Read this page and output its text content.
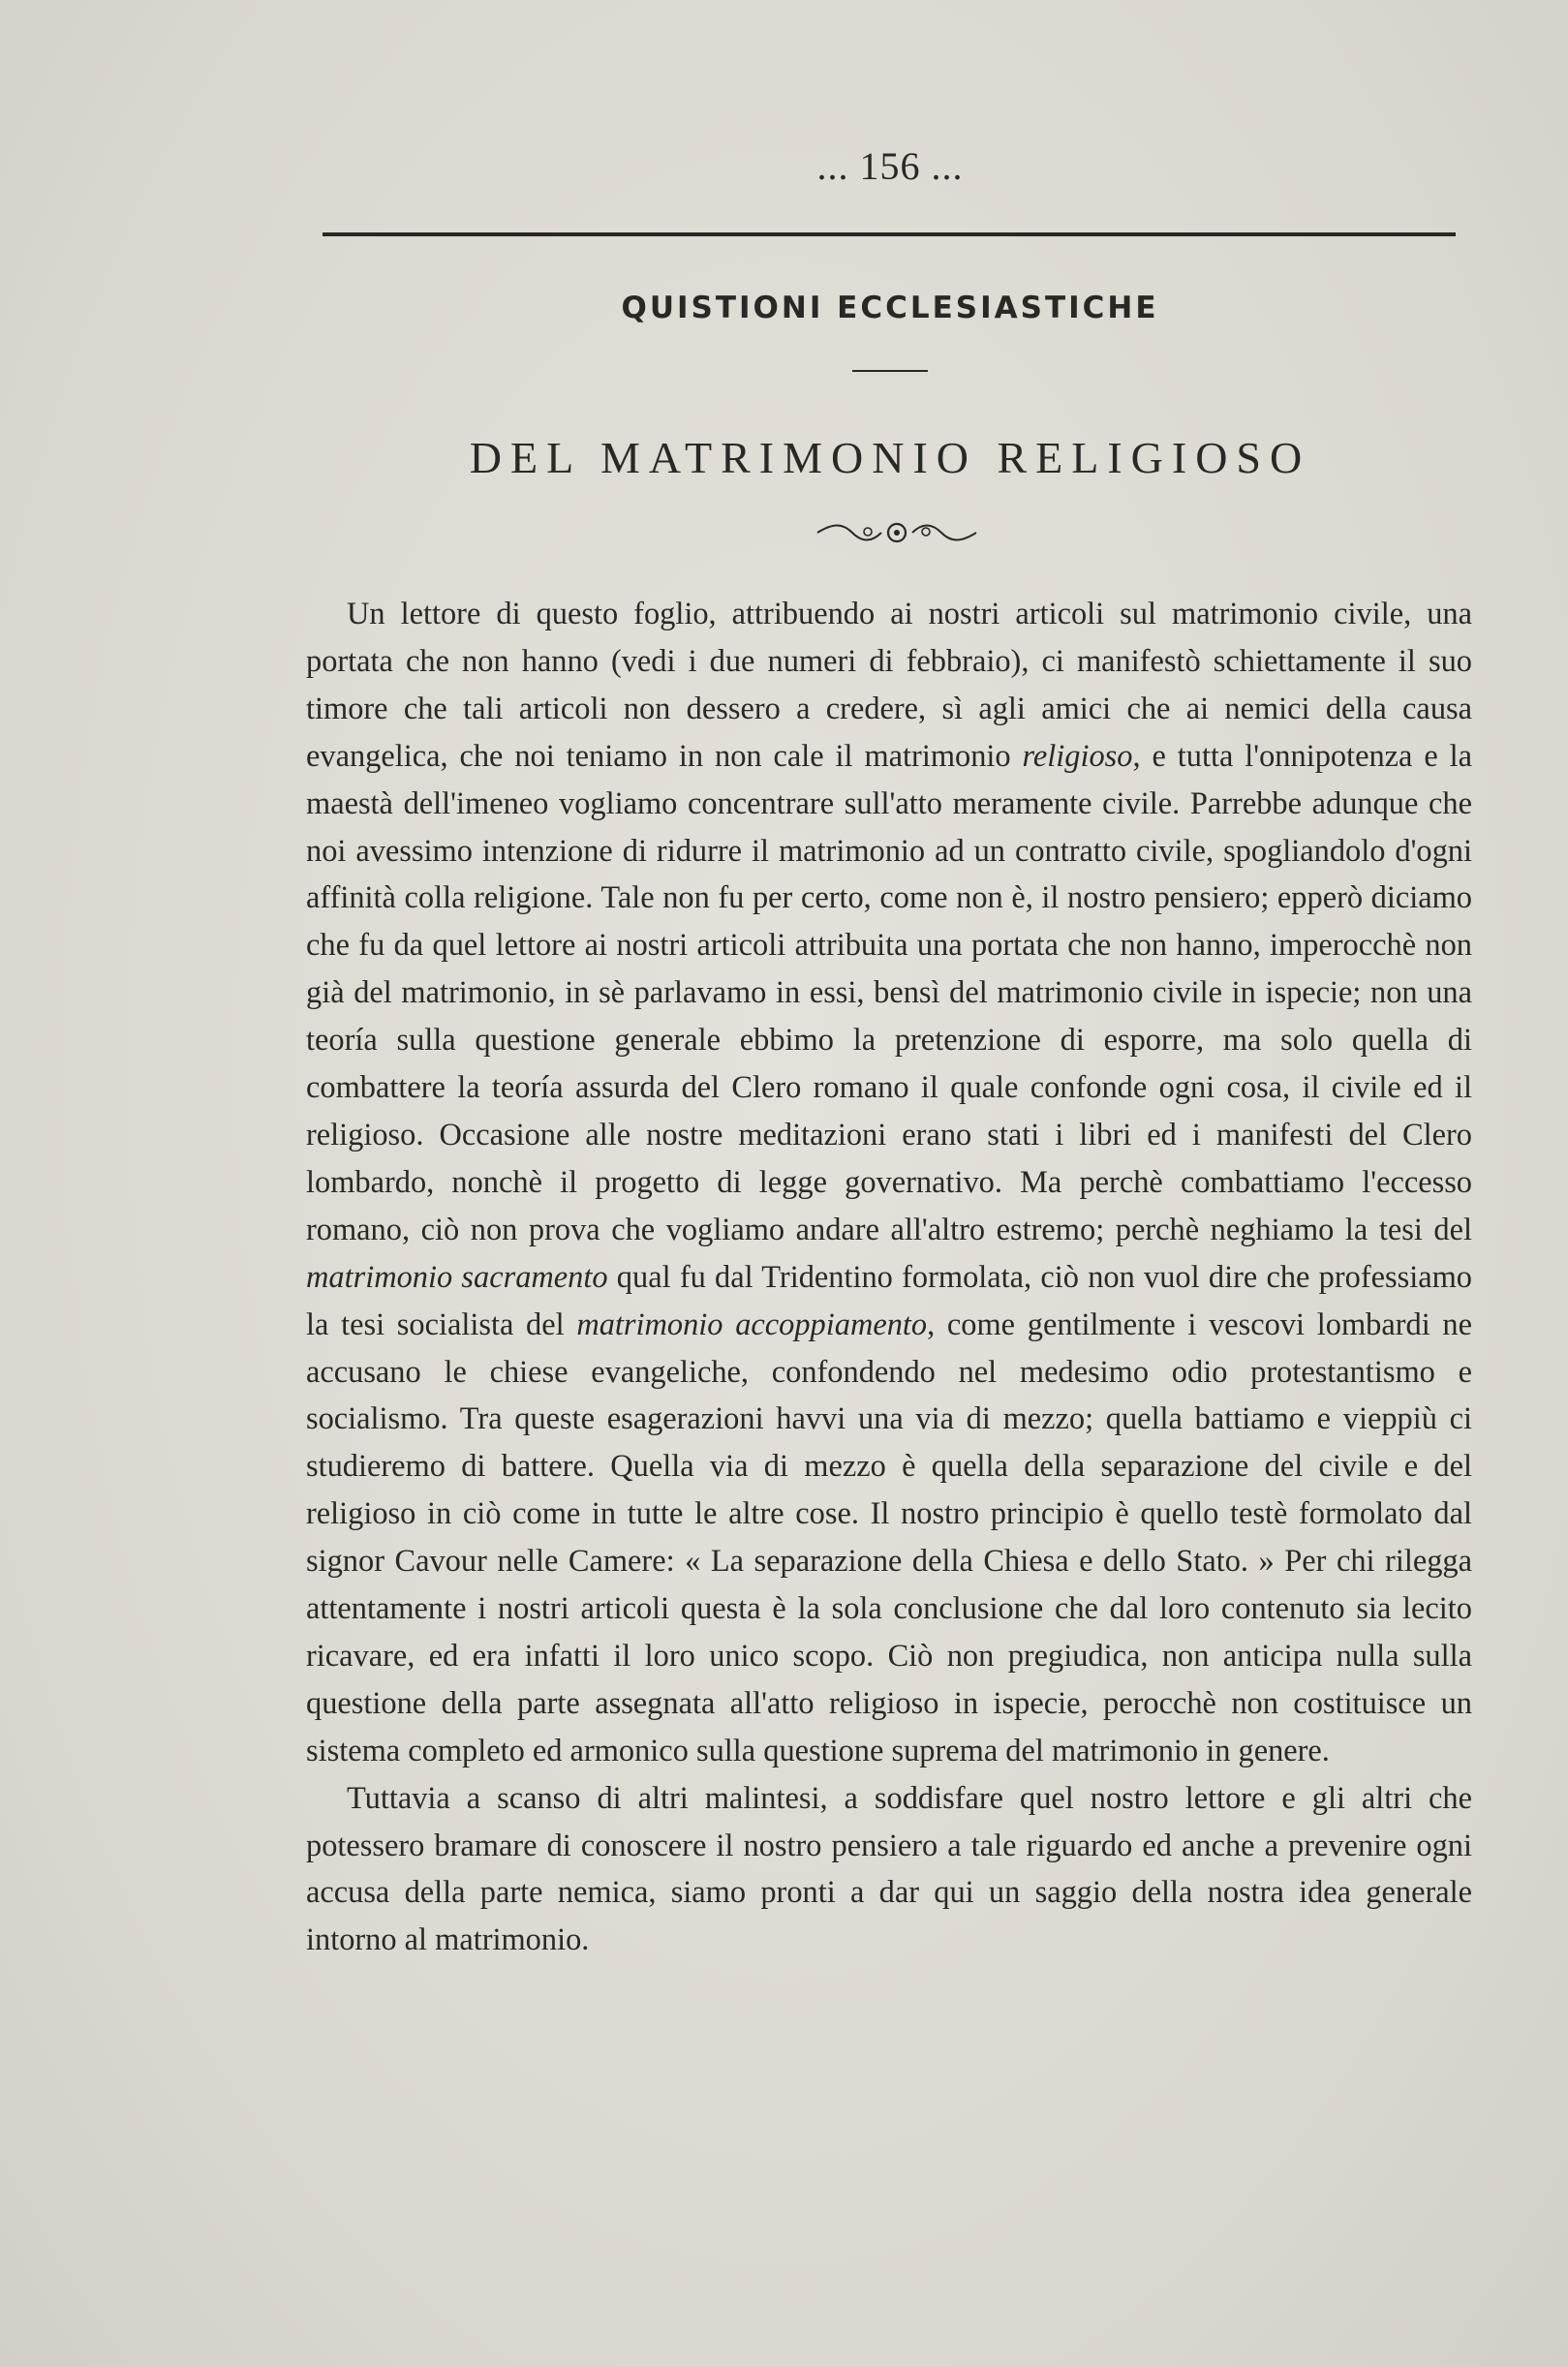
... 156 ...
QUISTIONI ECCLESIASTICHE
DEL MATRIMONIO RELIGIOSO

Un lettore di questo foglio, attribuendo ai nostri articoli sul matrimonio civile, una portata che non hanno (vedi i due numeri di febbraio), ci manifestò schiettamente il suo timore che tali articoli non dessero a credere, sì agli amici che ai nemici della causa evangelica, che noi teniamo in non cale il matrimonio religioso, e tutta l'onnipotenza e la maestà dell'imeneo vogliamo concentrare sull'atto meramente civile. Parrebbe adunque che noi avessimo intenzione di ridurre il matrimonio ad un contratto civile, spogliandolo d'ogni affinità colla religione. Tale non fu per certo, come non è, il nostro pensiero; epperò diciamo che fu da quel lettore ai nostri articoli attribuita una portata che non hanno, imperocchè non già del matrimonio, in sè parlavamo in essi, bensì del matrimonio civile in ispecie; non una teoría sulla questione generale ebbimo la pretenzione di esporre, ma solo quella di combattere la teoría assurda del Clero romano il quale confonde ogni cosa, il civile ed il religioso. Occasione alle nostre meditazioni erano stati i libri ed i manifesti del Clero lombardo, nonchè il progetto di legge governativo. Ma perchè combattiamo l'eccesso romano, ciò non prova che vogliamo andare all'altro estremo; perchè neghiamo la tesi del matrimonio sacramento qual fu dal Tridentino formolata, ciò non vuol dire che professiamo la tesi socialista del matrimonio accoppiamento, come gentilmente i vescovi lombardi ne accusano le chiese evangeliche, confondendo nel medesimo odio protestantismo e socialismo. Tra queste esagerazioni havvi una via di mezzo; quella battiamo e vieppiù ci studieremo di battere. Quella via di mezzo è quella della separazione del civile e del religioso in ciò come in tutte le altre cose. Il nostro principio è quello testè formolato dal signor Cavour nelle Camere: « La separazione della Chiesa e dello Stato. » Per chi rilegga attentamente i nostri articoli questa è la sola conclusione che dal loro contenuto sia lecito ricavare, ed era infatti il loro unico scopo. Ciò non pregiudica, non anticipa nulla sulla questione della parte assegnata all'atto religioso in ispecie, perocchè non costituisce un sistema completo ed armonico sulla questione suprema del matrimonio in genere.

Tuttavia a scanso di altri malintesi, a soddisfare quel nostro lettore e gli altri che potessero bramare di conoscere il nostro pensiero a tale riguardo ed anche a prevenire ogni accusa della parte nemica, siamo pronti a dar qui un saggio della nostra idea generale intorno al matrimonio.
